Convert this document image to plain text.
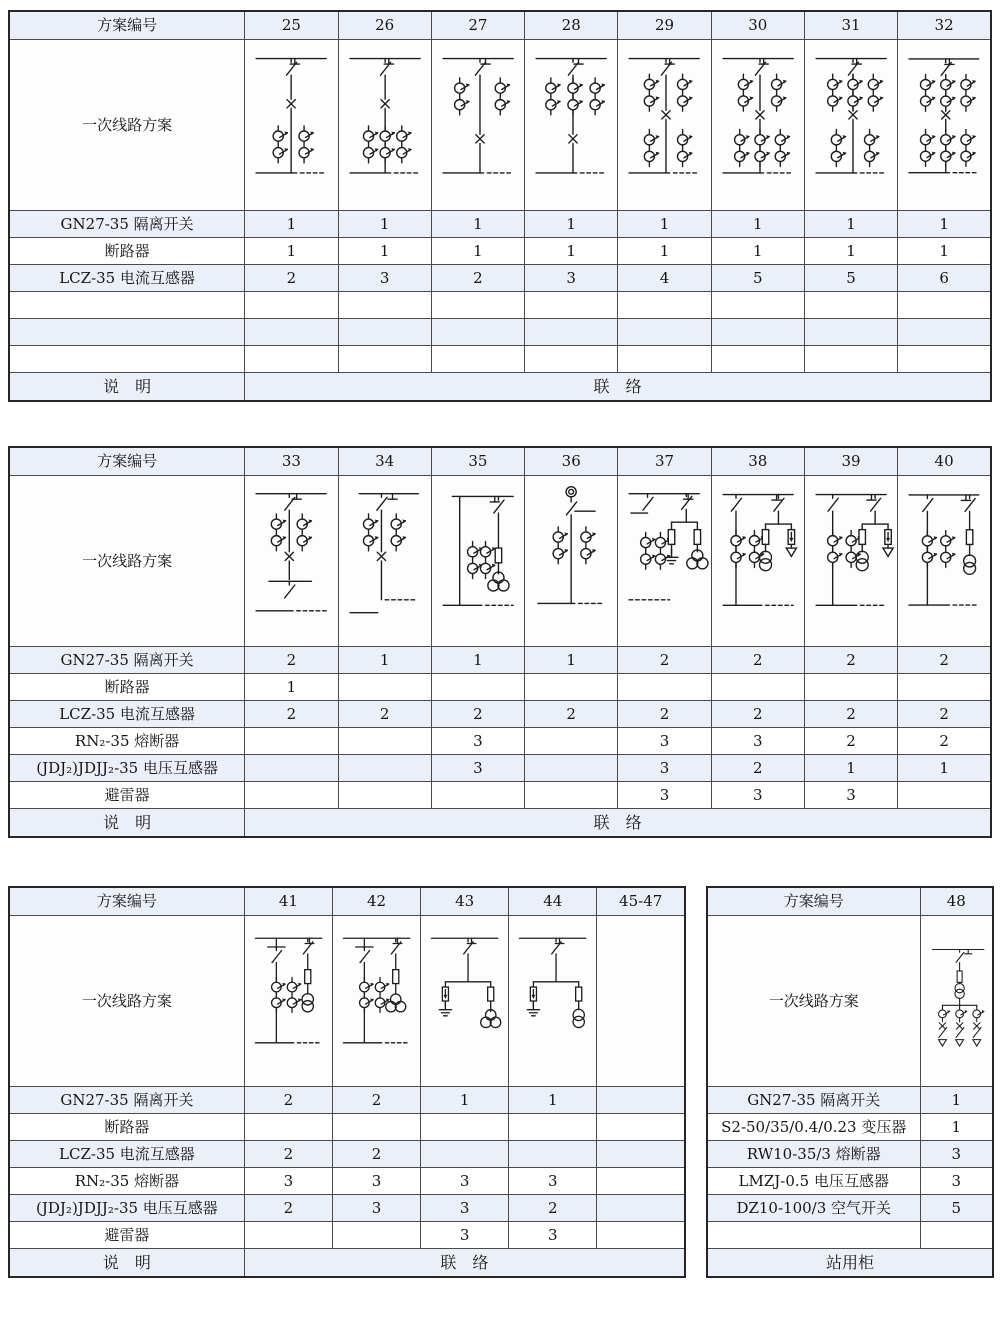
方案编号	25	26	27	28	29	30	31	32
一次线路方案	

GN27-35 隔离开关	1	1	1	1	1	1	1	1
断路器	1	1	1	1	1	1	1	1
LCZ-35 电流互感器	2	3	2	3	4	5	5	6

说　明	联　络							
方案编号	33	34	35	36	37	38	39	40
一次线路方案	

GN27-35 隔离开关	2	1	1	1	2	2	2	2
断路器	1							
LCZ-35 电流互感器	2	2	2	2	2	2	2	2
RN₂-35 熔断器			3		3	3	2	2
(JDJ₂)JDJJ₂-35 电压互感器			3		3	2	1	1
避雷器					3	3	3	
说　明	联　络							
方案编号	41	42	43	44	45-47
一次线路方案	

GN27-35 隔离开关	2	2	1	1	
断路器					
LCZ-35 电流互感器	2	2			
RN₂-35 熔断器	3	3	3	3	
(JDJ₂)JDJJ₂-35 电压互感器	2	3	3	2	
避雷器			3	3	
说　明	联　络				
方案编号	48
一次线路方案	

GN27-35 隔离开关	1
S2-50/35/0.4/0.23 变压器	1
RW10-35/3 熔断器	3
LMZJ-0.5 电压互感器	3
DZ10-100/3 空气开关	5

站用柜	
